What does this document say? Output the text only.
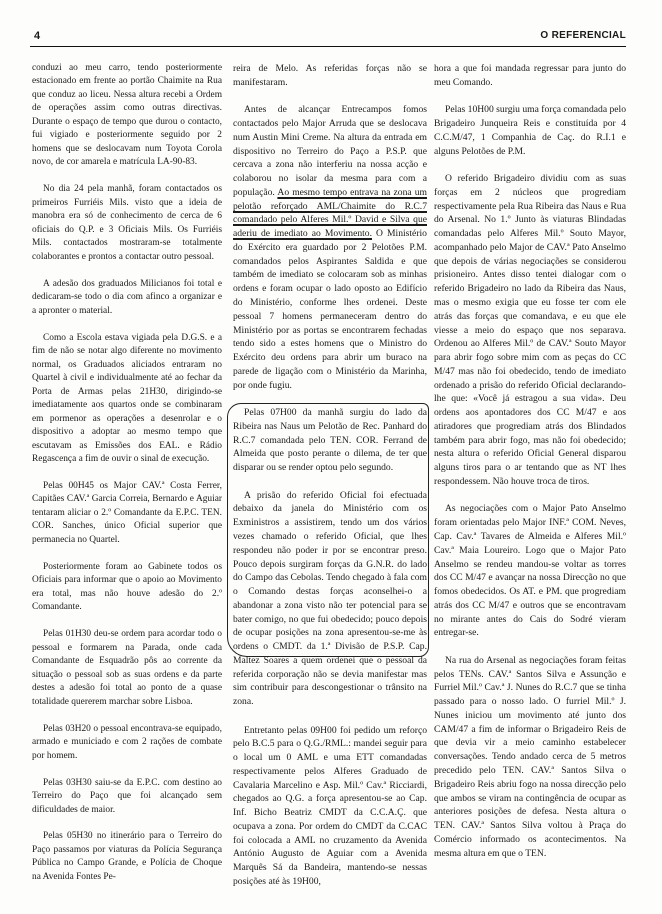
4	O REFERENCIAL

conduzi ao meu carro, tendo posteriormente estacionado em frente ao portão Chaimite na Rua que conduz ao liceu. Nessa altura recebi a Ordem de operações assim como outras directivas. Durante o espaço de tempo que durou o contacto, fui vigiado e posteriormente seguido por 2 homens que se deslocavam num Toyota Corola novo, de cor amarela e matrícula LA-90-83.

No dia 24 pela manhã, foram contactados os primeiros Furriéis Mils. visto que a ideia de manobra era só de conhecimento de cerca de 6 oficiais do Q.P. e 3 Oficiais Mils. Os Furriéis Mils. contactados mostraram-se totalmente colaborantes e prontos a contactar outro pessoal.

A adesão dos graduados Milicianos foi total e dedicaram-se todo o dia com afinco a organizar e a apronter o material.

Como a Escola estava vigiada pela D.G.S. e a fim de não se notar algo diferente no movimento normal, os Graduados aliciados entraram no Quartel à civil e individualmente até ao fechar da Porta de Armas pelas 21H30, dirigindo-se imediatamente aos quartos onde se combinaram em pormenor as operações a desenrolar e o dispositivo a adoptar ao mesmo tempo que escutavam as Emissões dos EAL. e Rádio Regascença a fim de ouvir o sinal de execução.

Pelas 00H45 os Major CAV.ª Costa Ferrer, Capitães CAV.ª Garcia Correia, Bernardo e Aguiar tentaram aliciar o 2.º Comandante da E.P.C. TEN. COR. Sanches, único Oficial superior que permanecia no Quartel.

Posteriormente foram ao Gabinete todos os Oficiais para informar que o apoio ao Movimento era total, mas não houve adesão do 2.º Comandante.

Pelas 01H30 deu-se ordem para acordar todo o pessoal e formarem na Parada, onde cada Comandante de Esquadrão pôs ao corrente da situação o pessoal sob as suas ordens e da parte destes a adesão foi total ao ponto de a quase totalidade quererem marchar sobre Lisboa.

Pelas 03H20 o pessoal encontrava-se equipado, armado e municiado e com 2 rações de combate por homem.

Pelas 03H30 saiu-se da E.P.C. com destino ao Terreiro do Paço que foi alcançado sem dificuldades de maior.

Pelas 05H30 no itinerário para o Terreiro do Paço passamos por viaturas da Polícia Segurança Pública no Campo Grande, e Polícia de Choque na Avenida Fontes Pe-

reira de Melo. As referidas forças não se manifestaram.

Antes de alcançar Entrecampos fomos contactados pelo Major Arruda que se deslocava num Austin Mini Creme. Na altura da entrada em dispositivo no Terreiro do Paço a P.S.P. que cercava a zona não interferiu na nossa acção e colaborou no isolar da mesma para com a população. Ao mesmo tempo entrava na zona um pelotão reforçado AML/Chaimite do R.C.7 comandado pelo Alferes Mil.º David e Silva que aderiu de imediato ao Movimento. O Ministério do Exército era guardado por 2 Pelotões P.M. comandados pelos Aspirantes Saldida e que também de imediato se colocaram sob as minhas ordens e foram ocupar o lado oposto ao Edifício do Ministério, conforme lhes ordenei. Deste pessoal 7 homens permaneceram dentro do Ministério por as portas se encontrarem fechadas tendo sido a estes homens que o Ministro do Exército deu ordens para abrir um buraco na parede de ligação com o Ministério da Marinha, por onde fugiu.

Pelas 07H00 da manhã surgiu do lado da Ribeira nas Naus um Pelotão de Rec. Panhard do R.C.7 comandada pelo TEN. COR. Ferrand de Almeida que posto perante o dilema, de ter que disparar ou se render optou pelo segundo.

A prisão do referido Oficial foi efectuada debaixo da janela do Ministério com os Exministros a assistirem, tendo um dos vários vezes chamado o referido Oficial, que lhes respondeu não poder ir por se encontrar preso. Pouco depois surgiram forças da G.N.R. do lado do Campo das Cebolas. Tendo chegado à fala com o Comando destas forças aconselhei-o a abandonar a zona visto não ter potencial para se bater comigo, no que fui obedecido; pouco depois de ocupar posições na zona apresentou-se-me às ordens o CMDT. da 1.ª Divisão de P.S.P. Cap. Maltez Soares a quem ordenei que o pessoal da referida corporação não se devia manifestar mas sim contribuir para descongestionar o trânsito na zona.

Entretanto pelas 09H00 foi pedido um reforço pelo B.C.5 para o Q.G./RML.: mandei seguir para o local um 0 AML e uma ETT comandadas respectivamente pelos Alferes Graduado de Cavalaria Marcelino e Asp. Mil.º Cav.ª Ricciardi, chegados ao Q.G. a força apresentou-se ao Cap. Inf. Bicho Beatriz CMDT da C.C.A.Ç. que ocupava a zona. Por ordem do CMDT da C.CAC foi colocada a AML no cruzamento da Avenida António Augusto de Aguiar com a Avenida Marquês Sá da Bandeira, mantendo-se nessas posições até às 19H00,

hora a que foi mandada regressar para junto do meu Comando.

Pelas 10H00 surgiu uma força comandada pelo Brigadeiro Junqueira Reis e constituída por 4 C.C.M/47, 1 Companhia de Caç. do R.I.1 e alguns Pelotões de P.M.

O referido Brigadeiro dividiu com as suas forças em 2 núcleos que progrediam respectivamente pela Rua Ribeira das Naus e Rua do Arsenal. No 1.º Junto às viaturas Blindadas comandadas pelo Alferes Mil.º Souto Mayor, acompanhado pelo Major de CAV.ª Pato Anselmo que depois de várias negociações se considerou prisioneiro. Antes disso tentei dialogar com o referido Brigadeiro no lado da Ribeira das Naus, mas o mesmo exigia que eu fosse ter com ele atrás das forças que comandava, e eu que ele viesse a meio do espaço que nos separava. Ordenou ao Alferes Mil.º de CAV.ª Souto Mayor para abrir fogo sobre mim com as peças do CC M/47 mas não foi obedecido, tendo de imediato ordenado a prisão do referido Oficial declarando-lhe que: «Você já estragou a sua vida». Deu ordens aos apontadores dos CC M/47 e aos atiradores que progrediam atrás dos Blindados também para abrir fogo, mas não foi obedecido; nesta altura o referido Oficial General disparou alguns tiros para o ar tentando que as NT lhes respondessem. Não houve troca de tiros.

As negociações com o Major Pato Anselmo foram orientadas pelo Major INF.ª COM. Neves, Cap. Cav.ª Tavares de Almeida e Alferes Mil.º Cav.ª Maia Loureiro. Logo que o Major Pato Anselmo se rendeu mandou-se voltar as torres dos CC M/47 e avançar na nossa Direcção no que fomos obedecidos. Os AT. e PM. que progrediam atrás dos CC M/47 e outros que se encontravam no mirante antes do Cais do Sodré vieram entregar-se.

Na rua do Arsenal as negociações foram feitas pelos TENs. CAV.ª Santos Silva e Assunção e Furriel Mil.º Cav.ª J. Nunes do R.C.7 que se tinha passado para o nosso lado. O furriel Mil.º J. Nunes iniciou um movimento até junto dos CAM/47 a fim de informar o Brigadeiro Reis de que devia vir a meio caminho estabelecer conversações. Tendo andado cerca de 5 metros precedido pelo TEN. CAV.ª Santos Silva o Brigadeiro Reis abriu fogo na nossa direcção pelo que ambos se viram na contingência de ocupar as anteriores posições de defesa. Nesta altura o TEN. CAV.ª Santos Silva voltou à Praça do Comércio informado os acontecimentos. Na mesma altura em que o TEN.
